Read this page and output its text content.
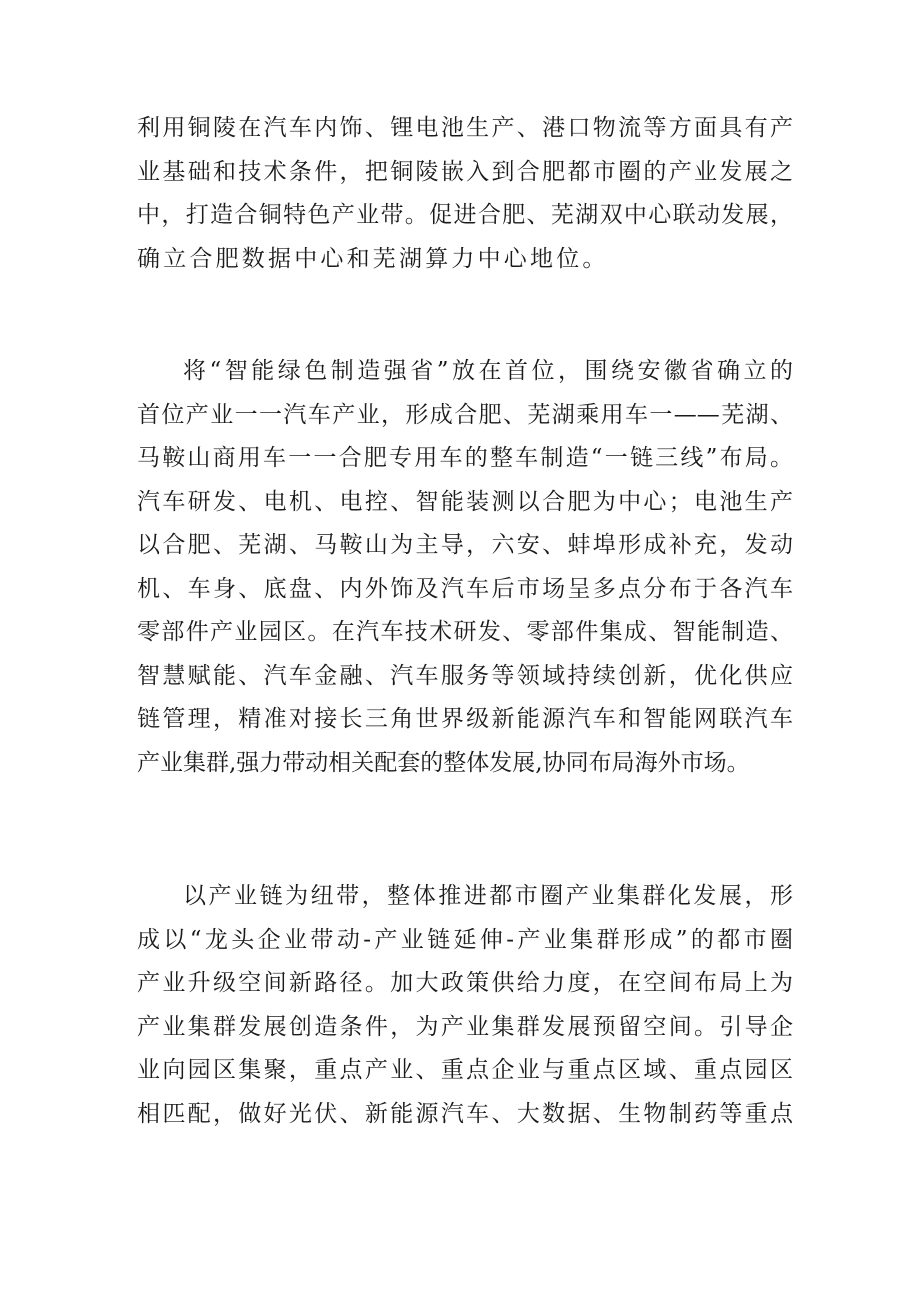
利用铜陵在汽车内饰、锂电池生产、港口物流等方面具有产
业基础和技术条件，把铜陵嵌入到合肥都市圈的产业发展之
中，打造合铜特色产业带。促进合肥、芜湖双中心联动发展，
确立合肥数据中心和芜湖算力中心地位。
将“智能绿色制造强省”放在首位，围绕安徽省确立的
首位产业一一汽车产业，形成合肥、芜湖乘用车一——芜湖、
马鞍山商用车一一合肥专用车的整车制造“一链三线”布局。
汽车研发、电机、电控、智能装测以合肥为中心；电池生产
以合肥、芜湖、马鞍山为主导，六安、蚌埠形成补充，发动
机、车身、底盘、内外饰及汽车后市场呈多点分布于各汽车
零部件产业园区。在汽车技术研发、零部件集成、智能制造、
智慧赋能、汽车金融、汽车服务等领域持续创新，优化供应
链管理，精准对接长三角世界级新能源汽车和智能网联汽车
产业集群,强力带动相关配套的整体发展,协同布局海外市场。
以产业链为纽带，整体推进都市圈产业集群化发展，形
成以“龙头企业带动-产业链延伸-产业集群形成”的都市圈
产业升级空间新路径。加大政策供给力度，在空间布局上为
产业集群发展创造条件，为产业集群发展预留空间。引导企
业向园区集聚，重点产业、重点企业与重点区域、重点园区
相匹配，做好光伏、新能源汽车、大数据、生物制药等重点
